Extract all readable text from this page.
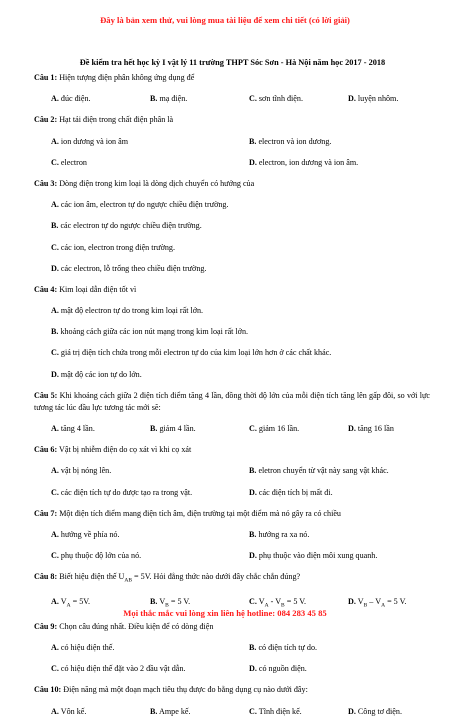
Đây là bản xem thử, vui lòng mua tài liệu để xem chi tiết (có lời giải)
Đề kiểm tra hết học kỳ I vật lý 11 trường THPT Sóc Sơn - Hà Nội năm học 2017 - 2018
Câu 1: Hiện tượng điện phân không ứng dụng để
A. đúc điện.	B. mạ điện.	C. sơn tĩnh điện.	D. luyện nhôm.
Câu 2: Hạt tải điện trong chất điện phân là
A. ion dương và ion âm	B. electron và ion dương.
C. electron	D. electron, ion dương và ion âm.
Câu 3: Dòng điện trong kim loại là dòng dịch chuyển có hướng của
A. các ion âm, electron tự do ngược chiều điện trường.
B. các electron tự do ngược chiều điện trường.
C. các ion, electron trong điện trường.
D. các electron, lỗ trống theo chiều điện trường.
Câu 4: Kim loại dẫn điện tốt vì
A. mật độ electron tự do trong kim loại rất lớn.
B. khoảng cách giữa các ion nút mạng trong kim loại rất lớn.
C. giá trị điện tích chứa trong mỗi electron tự do của kim loại lớn hơn ở các chất khác.
D. mật độ các ion tự do lớn.
Câu 5: Khi khoảng cách giữa 2 điện tích điểm tăng 4 lần, đồng thời độ lớn của mỗi điện tích tăng lên gấp đôi, so với lực tương tác lúc đầu lực tương tác mới sẽ:
A. tăng 4 lần.	B. giảm 4 lần.	C. giảm 16 lần.	D. tăng 16 lần
Câu 6: Vật bị nhiễm điện do cọ xát vì khi cọ xát
A. vật bị nóng lên.	B. eletron chuyển từ vật này sang vật khác.
C. các điện tích tự do được tạo ra trong vật.	D. các điện tích bị mất đi.
Câu 7: Một điện tích điểm mang điện tích âm, điện trường tại một điểm mà nó gây ra có chiều
A. hướng về phía nó.	B. hướng ra xa nó.
C. phụ thuộc độ lớn của nó.	D. phụ thuộc vào điện môi xung quanh.
Câu 8: Biết hiệu điện thế $U_{AB} = 5V$. Hỏi đẳng thức nào dưới đây chắc chắn đúng?
A. $V_A = 5V$.	B. $V_B = 5$ V.	C. $V_A - V_B = 5$ V.	D. $V_B - V_A = 5$ V.
Câu 9: Chọn câu đúng nhất. Điều kiện để có dòng điện
A. có hiệu điện thế.	B. có điện tích tự do.
C. có hiệu điện thế đặt vào 2 đầu vật dẫn.	D. có nguồn điện.
Câu 10: Điện năng mà một đoạn mạch tiêu thụ được đo bằng dụng cụ nào dưới đây:
A. Vôn kế.	B. Ampe kế.	C. Tĩnh điện kế.	D. Công tơ điện.
Mọi thắc mắc vui lòng xin liên hệ hotline: 084 283 45 85
